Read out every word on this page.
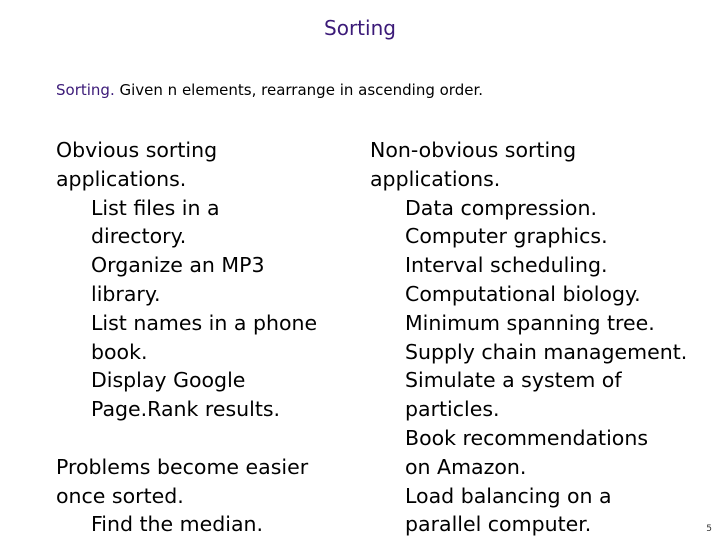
Sorting
Sorting. Given n elements, rearrange in ascending order.
Obvious sorting
applications.
List files in a
directory.
Organize an MP3
library.
List names in a phone
book.
Display Google
Page.Rank results.
Problems become easier
once sorted.
Find the median.
Non-obvious sorting
applications.
Data compression.
Computer graphics.
Interval scheduling.
Computational biology.
Minimum spanning tree.
Supply chain management.
Simulate a system of
particles.
Book recommendations
on Amazon.
Load balancing on a
parallel computer.	5
